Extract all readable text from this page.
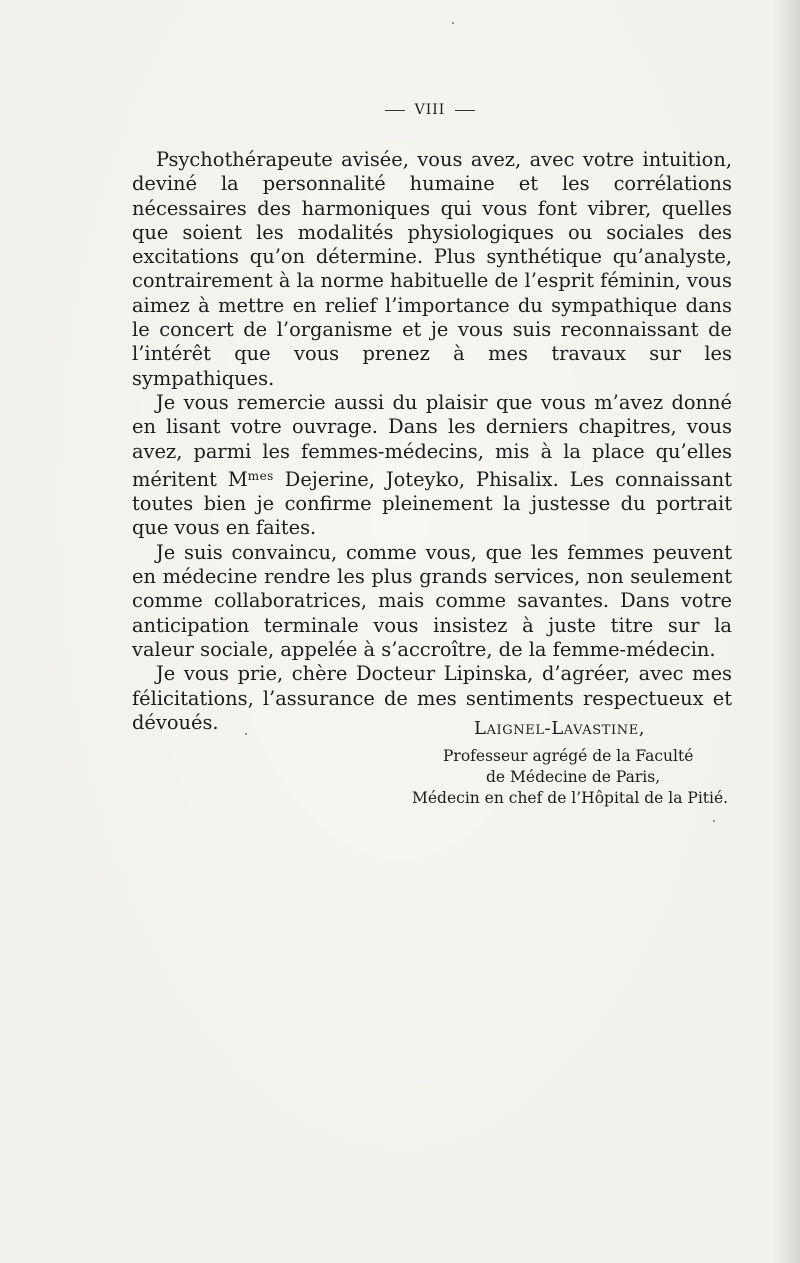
VIII

Psychothérapeute avisée, vous avez, avec votre intuition, deviné la personnalité humaine et les corrélations nécessaires des harmoniques qui vous font vibrer, quelles que soient les modalités physiologiques ou sociales des excitations qu’on détermine. Plus synthétique qu’analyste, contrairement à la norme habituelle de l’esprit féminin, vous aimez à mettre en relief l’importance du sympathique dans le concert de l’organisme et je vous suis reconnaissant de l’intérêt que vous prenez à mes travaux sur les sympathiques.

Je vous remercie aussi du plaisir que vous m’avez donné en lisant votre ouvrage. Dans les derniers chapitres, vous avez, parmi les femmes-médecins, mis à la place qu’elles méritent $M^{mes}$ Dejerine, Joteyko, Phisalix. Les connaissant toutes bien je confirme pleinement la justesse du portrait que vous en faites.

Je suis convaincu, comme vous, que les femmes peuvent en médecine rendre les plus grands services, non seulement comme collaboratrices, mais comme savantes. Dans votre anticipation terminale vous insistez à juste titre sur la valeur sociale, appelée à s’accroître, de la femme-médecin.

Je vous prie, chère Docteur Lipinska, d’agréer, avec mes félicitations, l’assurance de mes sentiments respectueux et dévoués.	Laignel-Lavastine,
Professeur agrégé de la Faculté
de Médecine de Paris,
Médecin en chef de l’Hôpital de la Pitié.
